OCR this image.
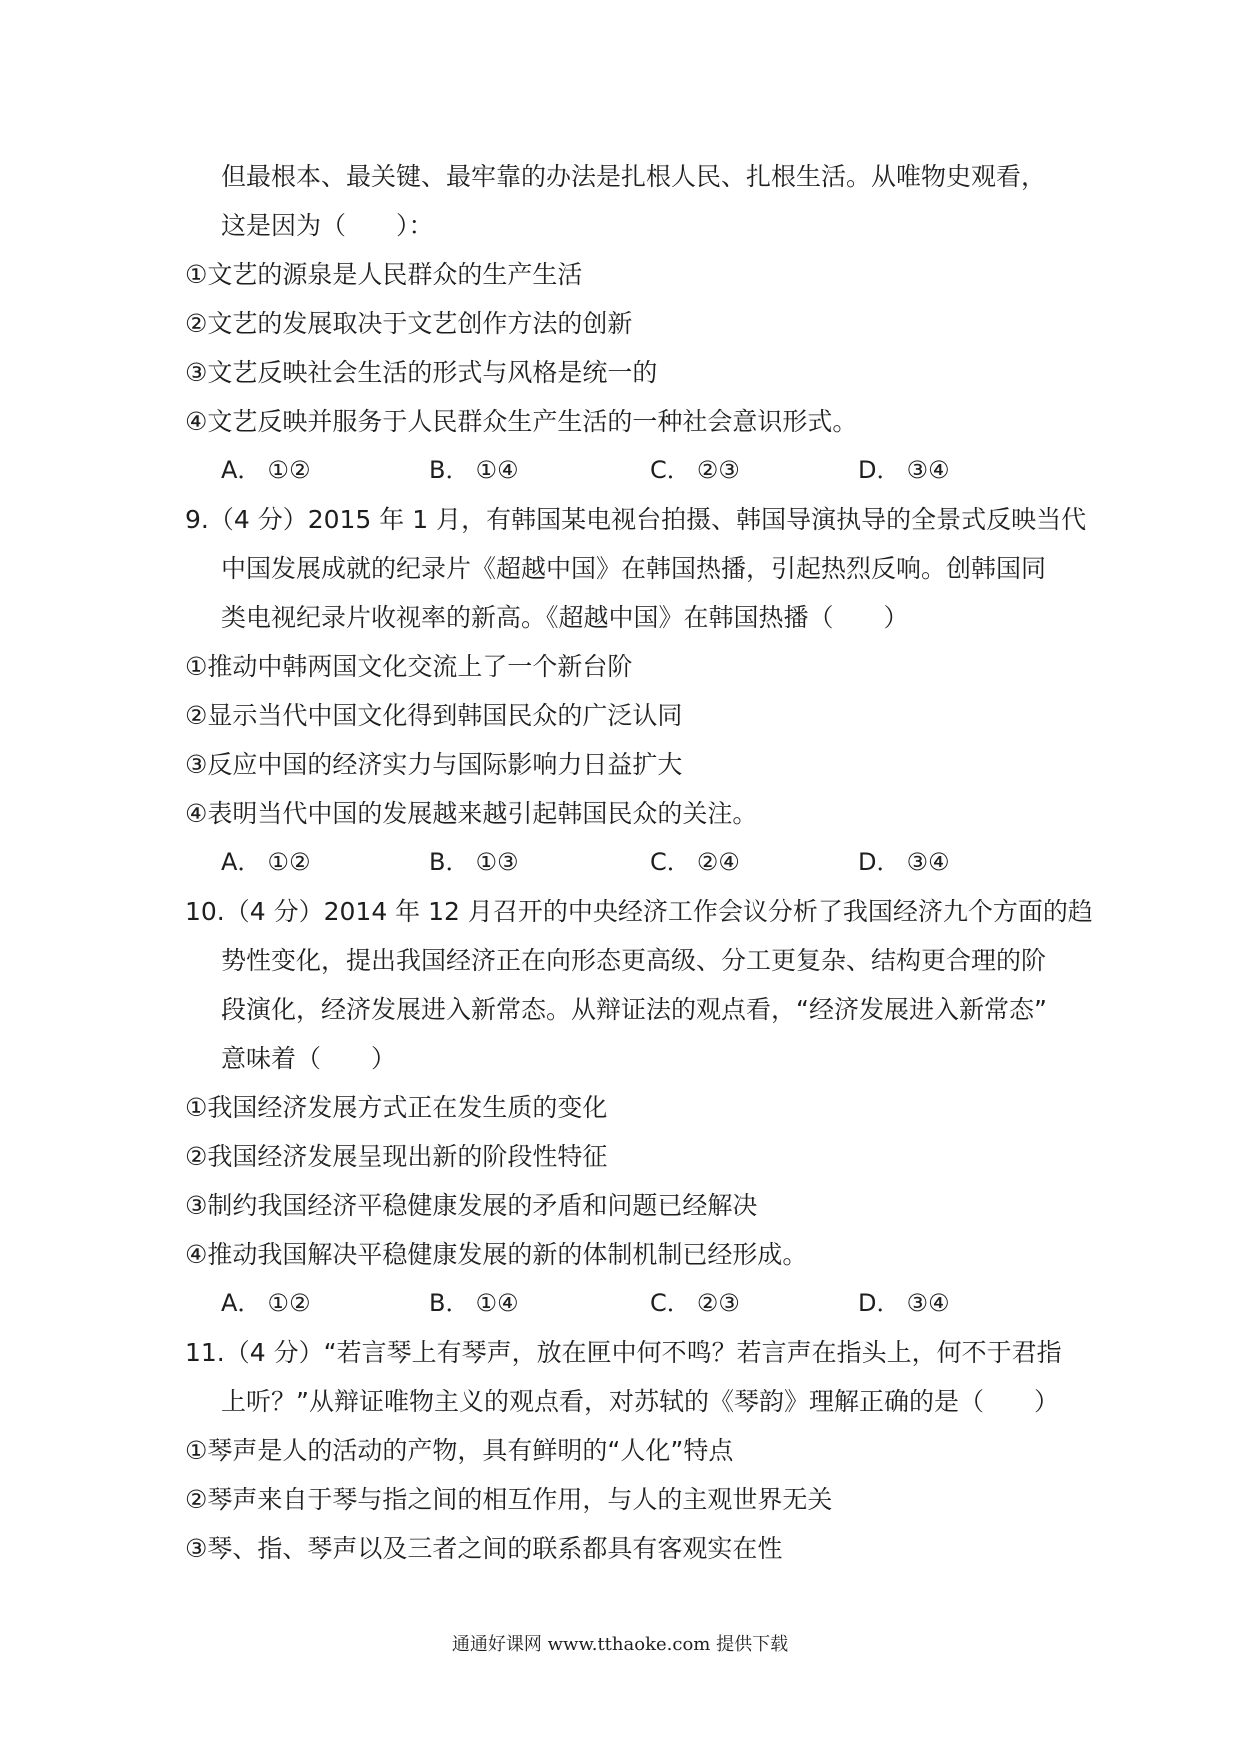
但最根本、最关键、最牢靠的办法是扎根人民、扎根生活。从唯物史观看，
这是因为（　　）：
①文艺的源泉是人民群众的生产生活
②文艺的发展取决于文艺创作方法的创新
③文艺反映社会生活的形式与风格是统一的
④文艺反映并服务于人民群众生产生活的一种社会意识形式。
A． ①②	B． ①④	C． ②③	D． ③④
9.（4 分）2015 年 1 月，有韩国某电视台拍摄、韩国导演执导的全景式反映当代
中国发展成就的纪录片《超越中国》在韩国热播，引起热烈反响。创韩国同
类电视纪录片收视率的新高。《超越中国》在韩国热播（　　）
①推动中韩两国文化交流上了一个新台阶
②显示当代中国文化得到韩国民众的广泛认同
③反应中国的经济实力与国际影响力日益扩大
④表明当代中国的发展越来越引起韩国民众的关注。
A． ①②	B． ①③	C． ②④	D． ③④
10.（4 分）2014 年 12 月召开的中央经济工作会议分析了我国经济九个方面的趋
势性变化，提出我国经济正在向形态更高级、分工更复杂、结构更合理的阶
段演化，经济发展进入新常态。从辩证法的观点看，“经济发展进入新常态”
意味着（　　）
①我国经济发展方式正在发生质的变化
②我国经济发展呈现出新的阶段性特征
③制约我国经济平稳健康发展的矛盾和问题已经解决
④推动我国解决平稳健康发展的新的体制机制已经形成。
A． ①②	B． ①④	C． ②③	D． ③④
11.（4 分）“若言琴上有琴声，放在匣中何不鸣？若言声在指头上，何不于君指
上听？”从辩证唯物主义的观点看，对苏轼的《琴韵》理解正确的是（　　）
①琴声是人的活动的产物，具有鲜明的“人化”特点
②琴声来自于琴与指之间的相互作用，与人的主观世界无关
③琴、指、琴声以及三者之间的联系都具有客观实在性
通通好课网 www.tthaoke.com 提供下载
